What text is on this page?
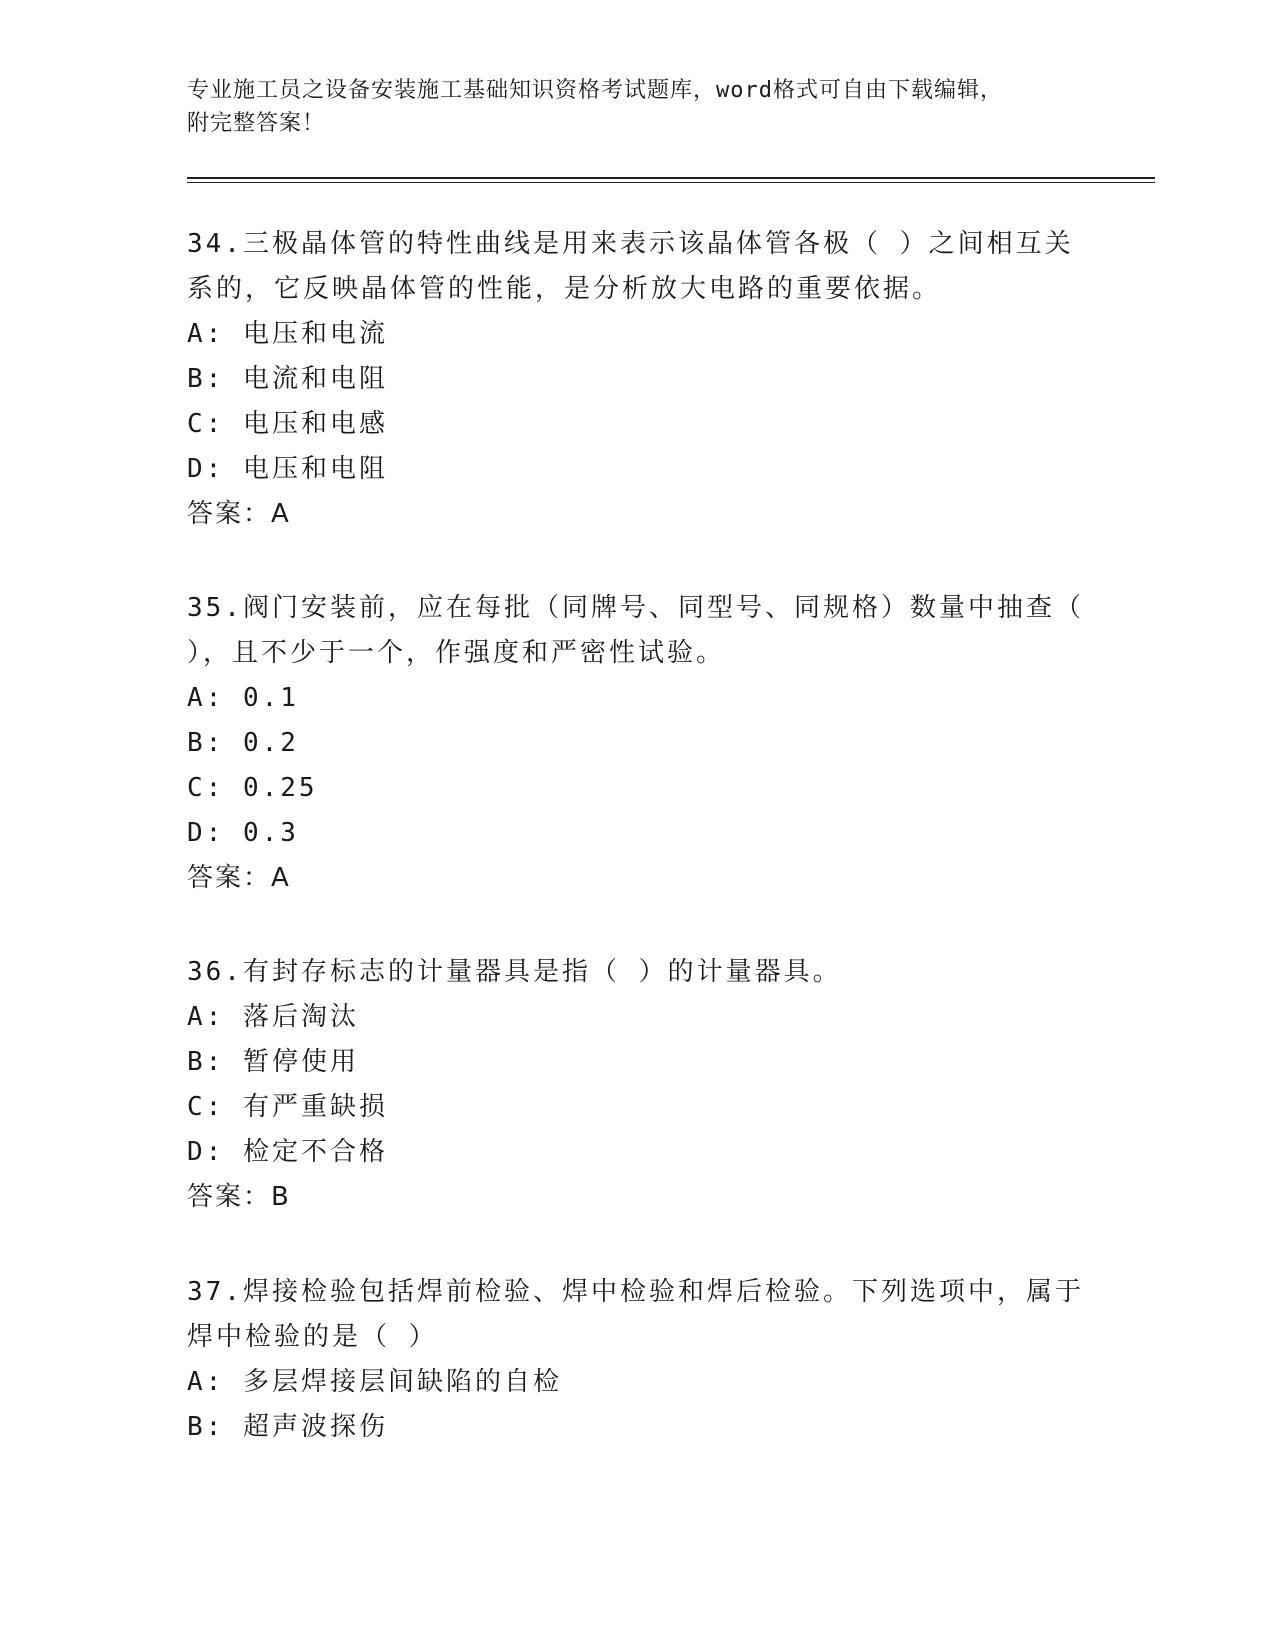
专业施工员之设备安装施工基础知识资格考试题库，word格式可自由下载编辑，
附完整答案！

34.三极晶体管的特性曲线是用来表示该晶体管各极（ ）之间相互关
系的，它反映晶体管的性能，是分析放大电路的重要依据。

A: 电压和电流

B: 电流和电阻

C: 电压和电感

D: 电压和电阻

答案：A

35.阀门安装前，应在每批（同牌号、同型号、同规格）数量中抽查（
），且不少于一个，作强度和严密性试验。

A: 0.1

B: 0.2

C: 0.25

D: 0.3

答案：A

36.有封存标志的计量器具是指（ ）的计量器具。

A: 落后淘汰

B: 暂停使用

C: 有严重缺损

D: 检定不合格

答案：B

37.焊接检验包括焊前检验、焊中检验和焊后检验。下列选项中，属于
焊中检验的是（ ）

A: 多层焊接层间缺陷的自检

B: 超声波探伤
